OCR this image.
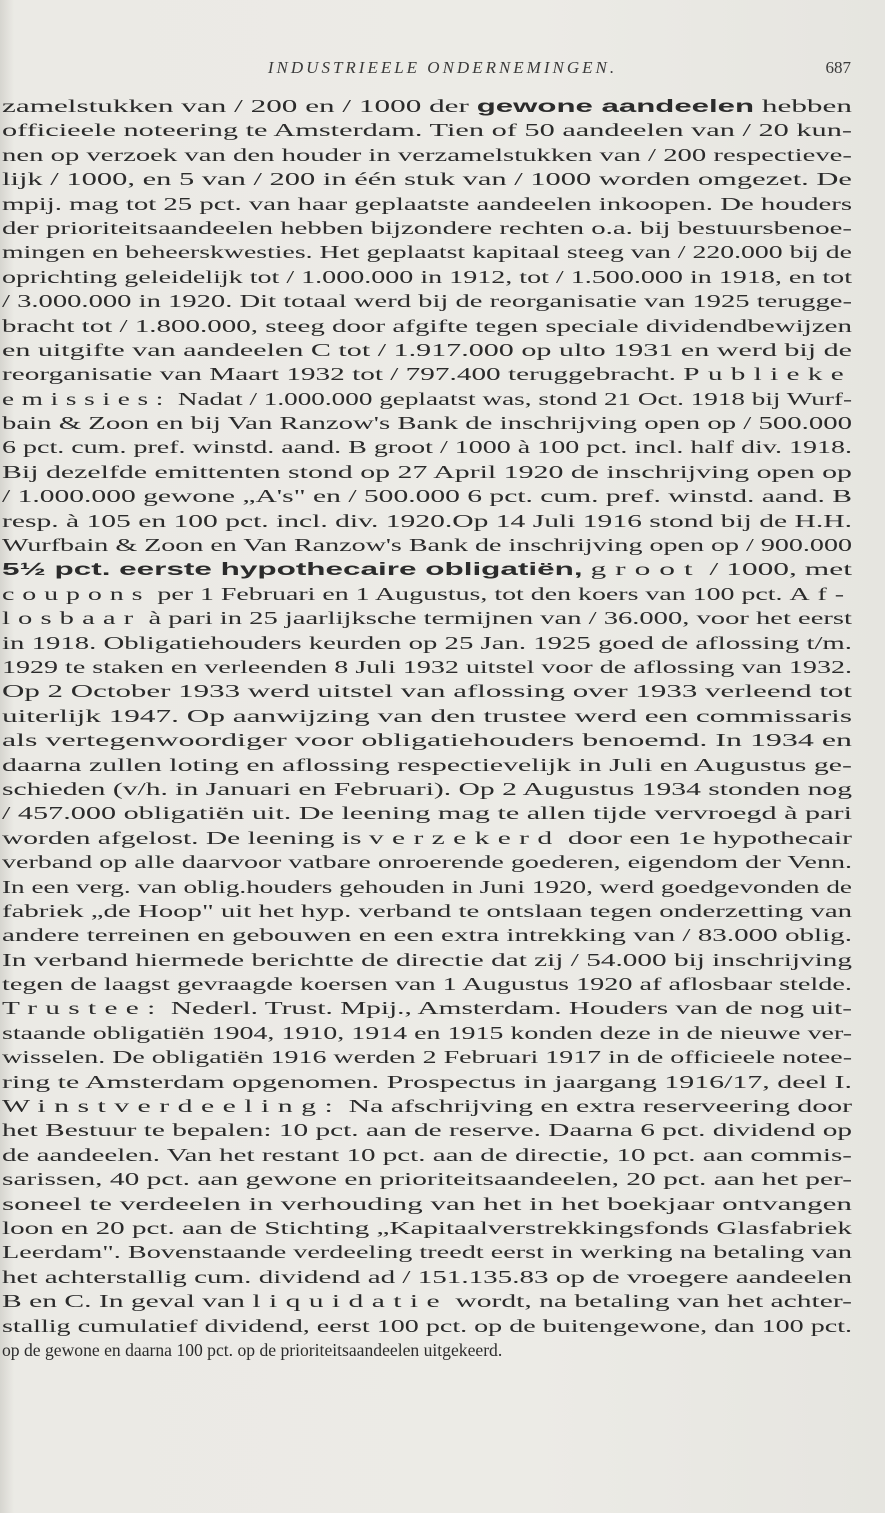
INDUSTRIEELE ONDERNEMINGEN.	687
zamelstukken van / 200 en / 1000 der gewone aandeelen hebben
officieele noteering te Amsterdam. Tien of 50 aandeelen van / 20 kun-
nen op verzoek van den houder in verzamelstukken van / 200 respectieve-
lijk / 1000, en 5 van / 200 in één stuk van / 1000 worden omgezet. De
mpij. mag tot 25 pct. van haar geplaatste aandeelen inkoopen. De houders
der prioriteitsaandeelen hebben bijzondere rechten o.a. bij bestuursbenoe-
mingen en beheerskwesties. Het geplaatst kapitaal steeg van / 220.000 bij de
oprichting geleidelijk tot / 1.000.000 in 1912, tot / 1.500.000 in 1918, en tot
/ 3.000.000 in 1920. Dit totaal werd bij de reorganisatie van 1925 terugge-
bracht tot / 1.800.000, steeg door afgifte tegen speciale dividendbewijzen
en uitgifte van aandeelen C tot / 1.917.000 op ulto 1931 en werd bij de
reorganisatie van Maart 1932 tot / 797.400 teruggebracht. Publieke
emissies: Nadat / 1.000.000 geplaatst was, stond 21 Oct. 1918 bij Wurf-
bain & Zoon en bij Van Ranzow's Bank de inschrijving open op / 500.000
6 pct. cum. pref. winstd. aand. B groot / 1000 à 100 pct. incl. half div. 1918.
Bij dezelfde emittenten stond op 27 April 1920 de inschrijving open op
/ 1.000.000 gewone „A's" en / 500.000 6 pct. cum. pref. winstd. aand. B
resp. à 105 en 100 pct. incl. div. 1920.Op 14 Juli 1916 stond bij de H.H.
Wurfbain & Zoon en Van Ranzow's Bank de inschrijving open op / 900.000
5½ pct. eerste hypothecaire obligatiën, groot / 1000, met
coupons per 1 Februari en 1 Augustus, tot den koers van 100 pct. Af-
losbaar à pari in 25 jaarlijksche termijnen van / 36.000, voor het eerst
in 1918. Obligatiehouders keurden op 25 Jan. 1925 goed de aflossing t/m.
1929 te staken en verleenden 8 Juli 1932 uitstel voor de aflossing van 1932.
Op 2 October 1933 werd uitstel van aflossing over 1933 verleend tot
uiterlijk 1947. Op aanwijzing van den trustee werd een commissaris
als vertegenwoordiger voor obligatiehouders benoemd. In 1934 en
daarna zullen loting en aflossing respectievelijk in Juli en Augustus ge-
schieden (v/h. in Januari en Februari). Op 2 Augustus 1934 stonden nog
/ 457.000 obligatiën uit. De leening mag te allen tijde vervroegd à pari
worden afgelost. De leening is verzekerd door een 1e hypothecair
verband op alle daarvoor vatbare onroerende goederen, eigendom der Venn.
In een verg. van oblig.houders gehouden in Juni 1920, werd goedgevonden de
fabriek „de Hoop" uit het hyp. verband te ontslaan tegen onderzetting van
andere terreinen en gebouwen en een extra intrekking van / 83.000 oblig.
In verband hiermede berichtte de directie dat zij / 54.000 bij inschrijving
tegen de laagst gevraagde koersen van 1 Augustus 1920 af aflosbaar stelde.
Trustee: Nederl. Trust. Mpij., Amsterdam. Houders van de nog uit-
staande obligatiën 1904, 1910, 1914 en 1915 konden deze in de nieuwe ver-
wisselen. De obligatiën 1916 werden 2 Februari 1917 in de officieele noteе-
ring te Amsterdam opgenomen. Prospectus in jaargang 1916/17, deel I.
Winstverdeeling: Na afschrijving en extra reserveering door
het Bestuur te bepalen: 10 pct. aan de reserve. Daarna 6 pct. dividend op
de aandeelen. Van het restant 10 pct. aan de directie, 10 pct. aan commis-
sarissen, 40 pct. aan gewone en prioriteitsaandeelen, 20 pct. aan het per-
soneel te verdeelen in verhouding van het in het boekjaar ontvangen
loon en 20 pct. aan de Stichting „Kapitaalverstrekkingsfonds Glasfabriek
Leerdam". Bovenstaande verdeeling treedt eerst in werking na betaling van
het achterstallig cum. dividend ad / 151.135.83 op de vroegere aandeelen
B en C. In geval van liquidatie wordt, na betaling van het achter-
stallig cumulatief dividend, eerst 100 pct. op de buitengewone, dan 100 pct.
op de gewone en daarna 100 pct. op de prioriteitsaandeelen uitgekeerd.
